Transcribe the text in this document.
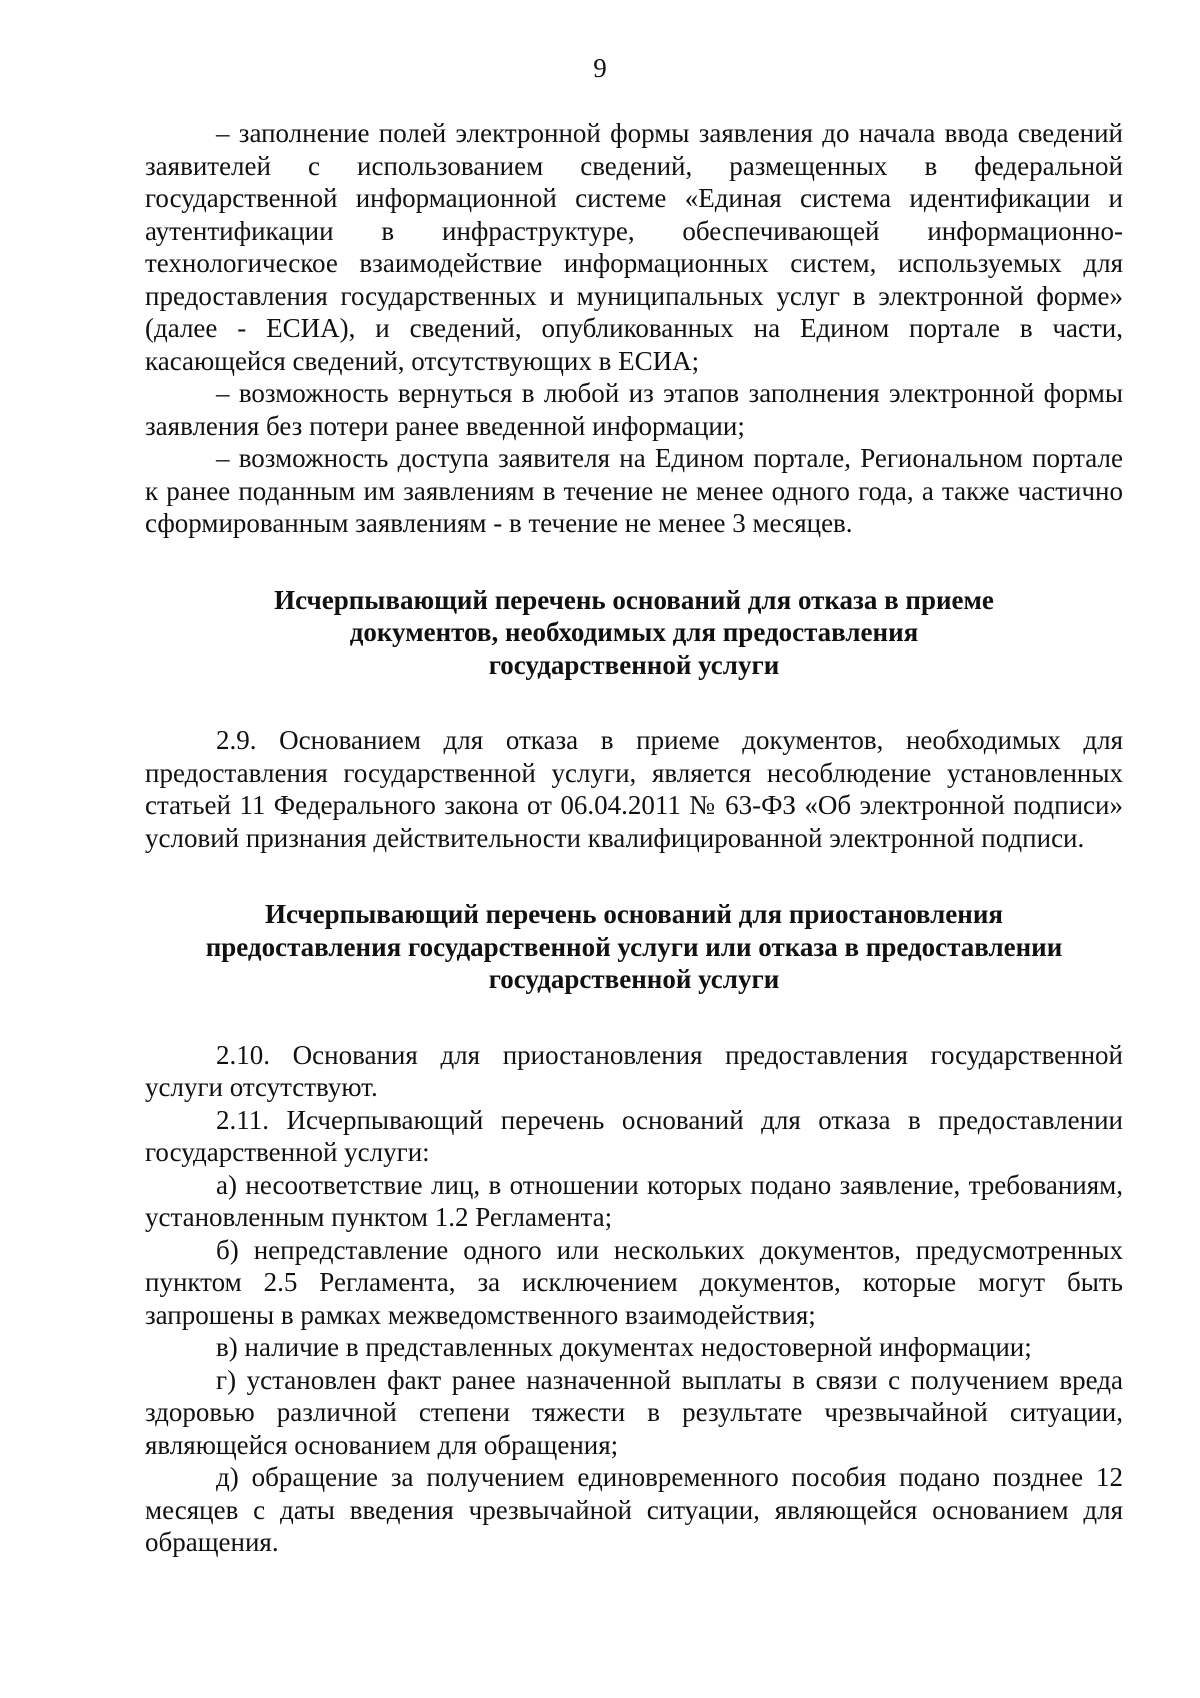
9

– заполнение полей электронной формы заявления до начала ввода сведений заявителей с использованием сведений, размещенных в федеральной государственной информационной системе «Единая система идентификации и аутентификации в инфраструктуре, обеспечивающей информационно-технологическое взаимодействие информационных систем, используемых для предоставления государственных и муниципальных услуг в электронной форме» (далее - ЕСИА), и сведений, опубликованных на Едином портале в части, касающейся сведений, отсутствующих в ЕСИА;

– возможность вернуться в любой из этапов заполнения электронной формы заявления без потери ранее введенной информации;

– возможность доступа заявителя на Едином портале, Региональном портале к ранее поданным им заявлениям в течение не менее одного года, а также частично сформированным заявлениям - в течение не менее 3 месяцев.

Исчерпывающий перечень оснований для отказа в приеме
документов, необходимых для предоставления
государственной услуги

2.9. Основанием для отказа в приеме документов, необходимых для предоставления государственной услуги, является несоблюдение установленных статьей 11 Федерального закона от 06.04.2011 № 63-ФЗ «Об электронной подписи» условий признания действительности квалифицированной электронной подписи.

Исчерпывающий перечень оснований для приостановления
предоставления государственной услуги или отказа в предоставлении
государственной услуги

2.10. Основания для приостановления предоставления государственной услуги отсутствуют.

2.11. Исчерпывающий перечень оснований для отказа в предоставлении государственной услуги:

а) несоответствие лиц, в отношении которых подано заявление, требованиям, установленным пунктом 1.2 Регламента;

б) непредставление одного или нескольких документов, предусмотренных пунктом 2.5 Регламента, за исключением документов, которые могут быть запрошены в рамках межведомственного взаимодействия;

в) наличие в представленных документах недостоверной информации;

г) установлен факт ранее назначенной выплаты в связи с получением вреда здоровью различной степени тяжести в результате чрезвычайной ситуации, являющейся основанием для обращения;

д) обращение за получением единовременного пособия подано позднее 12 месяцев с даты введения чрезвычайной ситуации, являющейся основанием для обращения.
